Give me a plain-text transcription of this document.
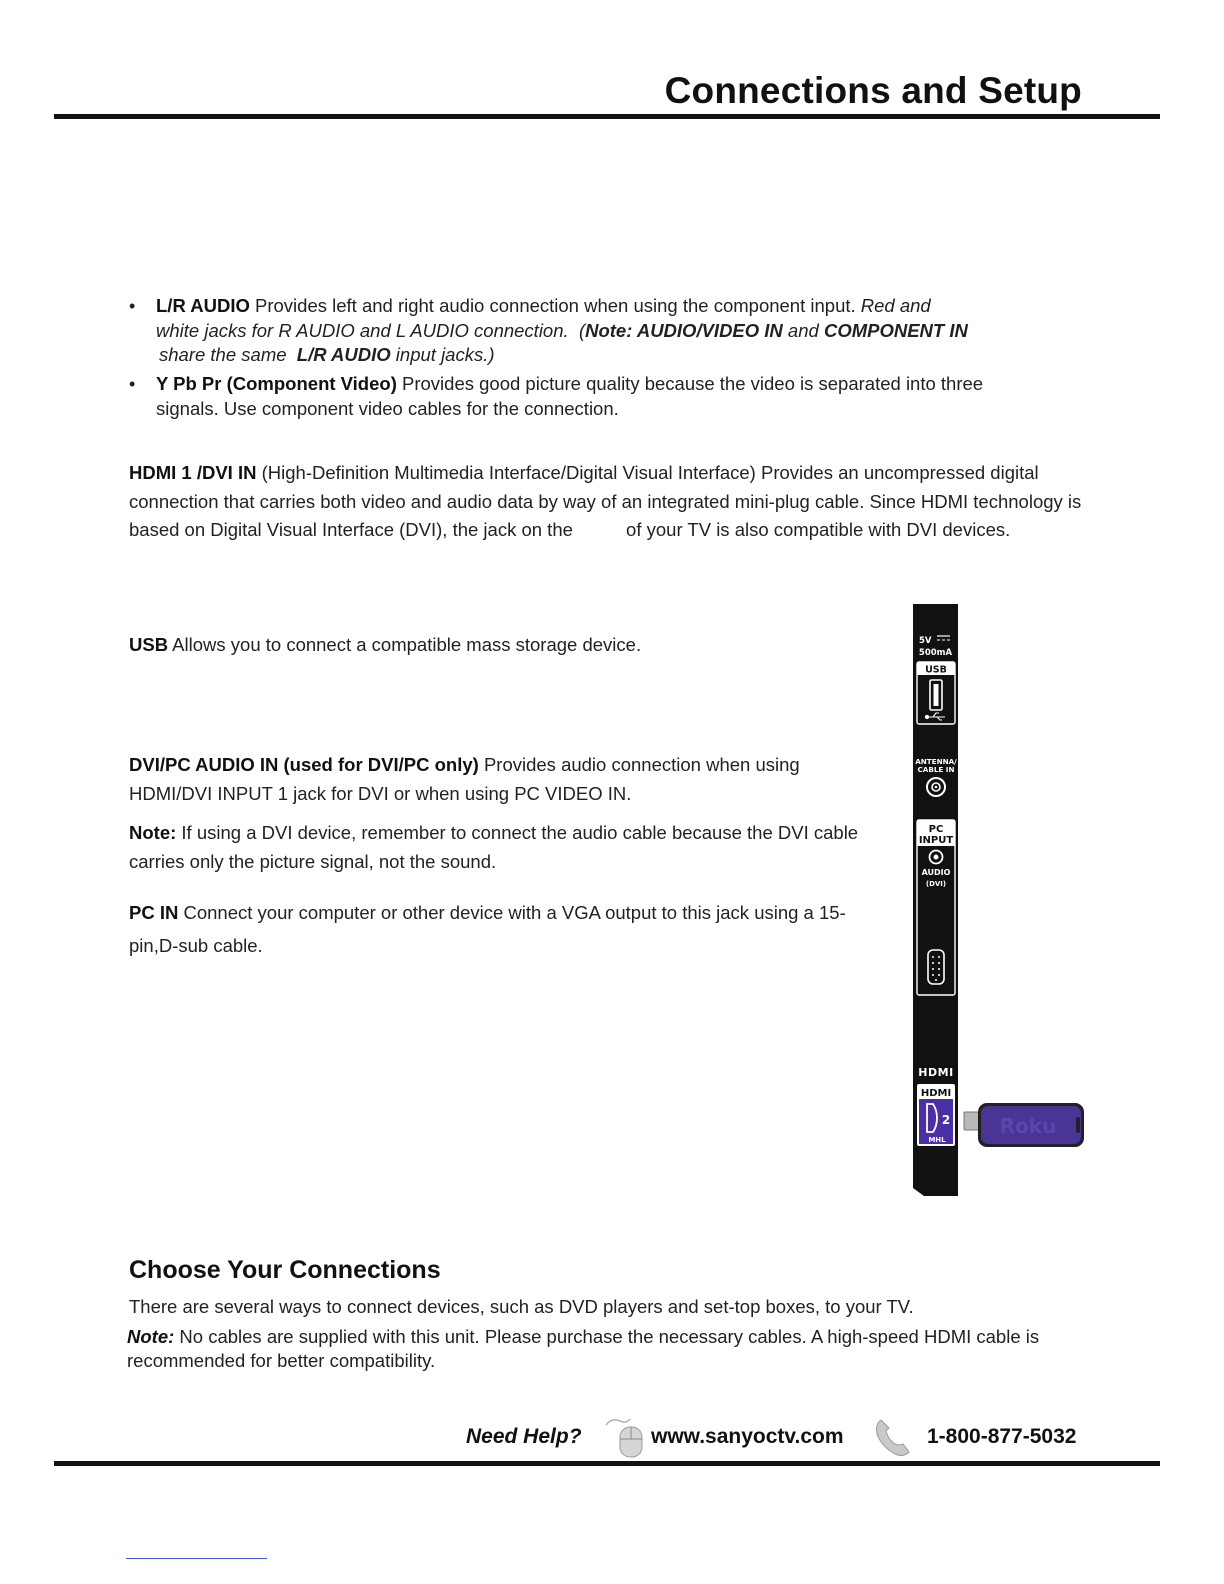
Connections and Setup
•	L/R AUDIO Provides left and right audio connection when using the component input. Red and
white jacks for R AUDIO and L AUDIO connection. (Note: AUDIO/VIDEO IN and COMPONENT IN
share the same  L/R AUDIO input jacks.)
•	Y Pb Pr (Component Video) Provides good picture quality because the video is separated into three signals. Use component video cables for the connection.
HDMI 1 /DVI IN (High-Definition Multimedia Interface/Digital Visual Interface) Provides an uncompressed digital connection that carries both video and audio data by way of an integrated mini-plug cable. Since HDMI technology is based on Digital Visual Interface (DVI), the jack on the	of your TV is also compatible with DVI devices.
USB Allows you to connect a compatible mass storage device.
DVI/PC AUDIO IN (used for DVI/PC only) Provides audio connection when using HDMI/DVI INPUT 1 jack for DVI or when using PC VIDEO IN.
Note: If using a DVI device, remember to connect the audio cable because the DVI cable carries only the picture signal, not the sound.
PC IN Connect your computer or other device with a VGA output to this jack using a 15-pin,D-sub cable.
5V
500mA
USB
ANTENNA/
CABLE IN
PC
INPUT
AUDIO
(DVI)
HDMI
HDMI
2
MHL
Roku
Choose Your Connections
There are several ways to connect devices, such as DVD players and set-top boxes, to your TV.
Note: No cables are supplied with this unit. Please purchase the necessary cables. A high-speed HDMI cable is recommended for better compatibility.
Need Help?	www.sanyoctv.com	1-800-877-5032
